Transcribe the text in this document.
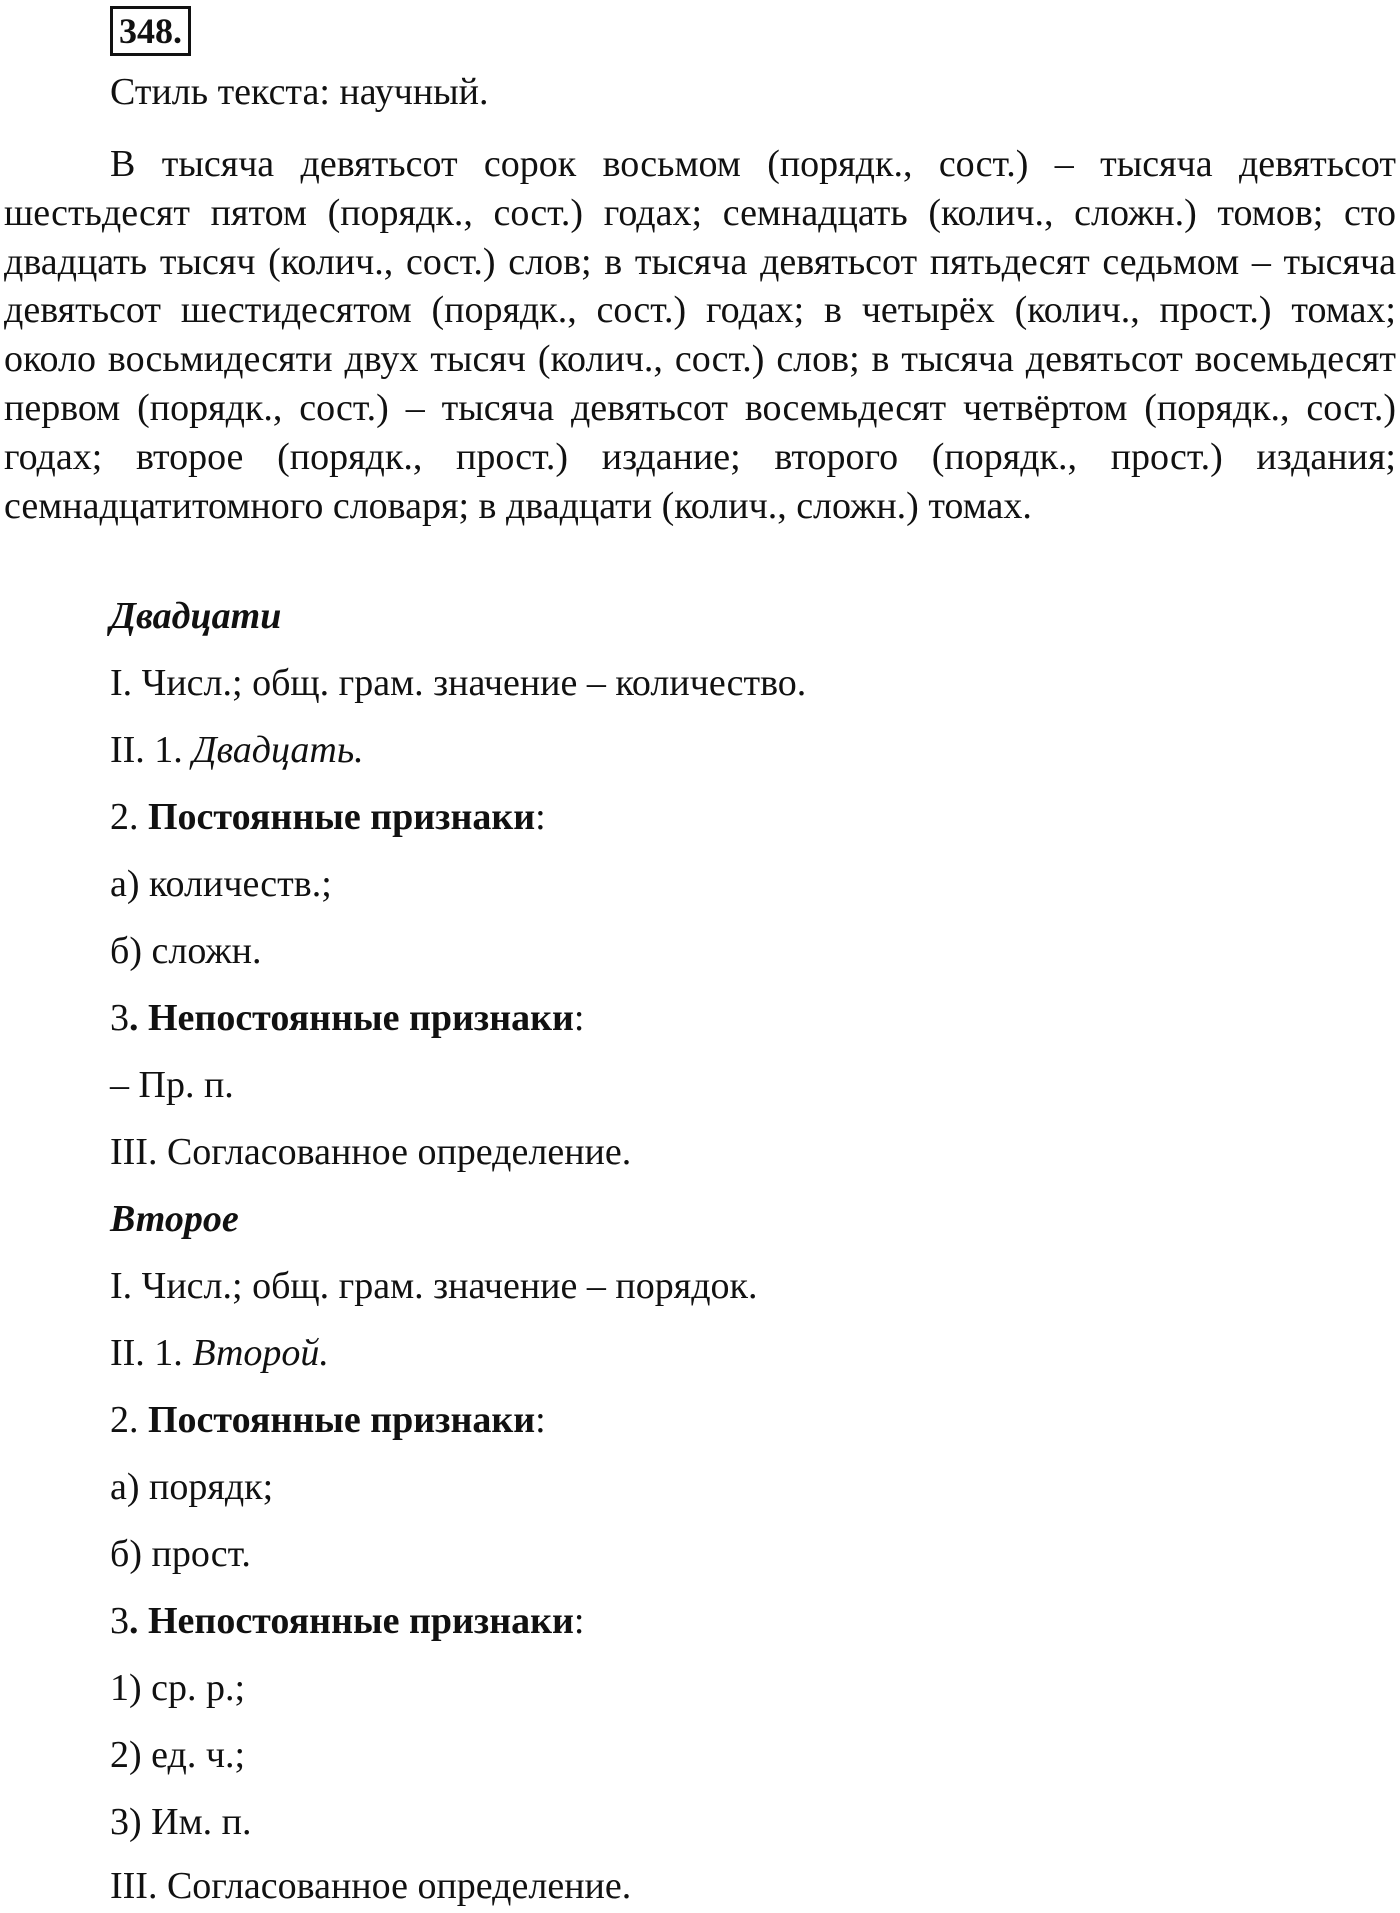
348.
Стиль текста: научный.
В тысяча девятьсот сорок восьмом (порядк., сост.) – тысяча девятьсот шестьдесят пятом (порядк., сост.) годах; семнадцать (колич., сложн.) томов; сто двадцать тысяч (колич., сост.) слов; в тысяча девятьсот пятьдесят седьмом – тысяча девятьсот шестидесятом (порядк., сост.) годах; в четырёх (колич., прост.) томах; около восьмидесяти двух тысяч (колич., сост.) слов; в тысяча девятьсот восемьдесят первом (порядк., сост.) – тысяча девятьсот восемьдесят четвёртом (порядк., сост.) годах; второе (порядк., прост.) издание; второго (порядк., прост.) издания; семнадцатитомного словаря; в двадцати (колич., сложн.) томах.
Двадцати
I. Числ.; общ. грам. значение – количество.
II. 1. Двадцать.
2. Постоянные признаки:
а) количеств.;
б) сложн.
3. Непостоянные признаки:
– Пр. п.
III. Согласованное определение.
Второе
I. Числ.; общ. грам. значение – порядок.
II. 1. Второй.
2. Постоянные признаки:
а) порядк;
б) прост.
3. Непостоянные признаки:
1) ср. р.;
2) ед. ч.;
3) Им. п.
III. Согласованное определение.
